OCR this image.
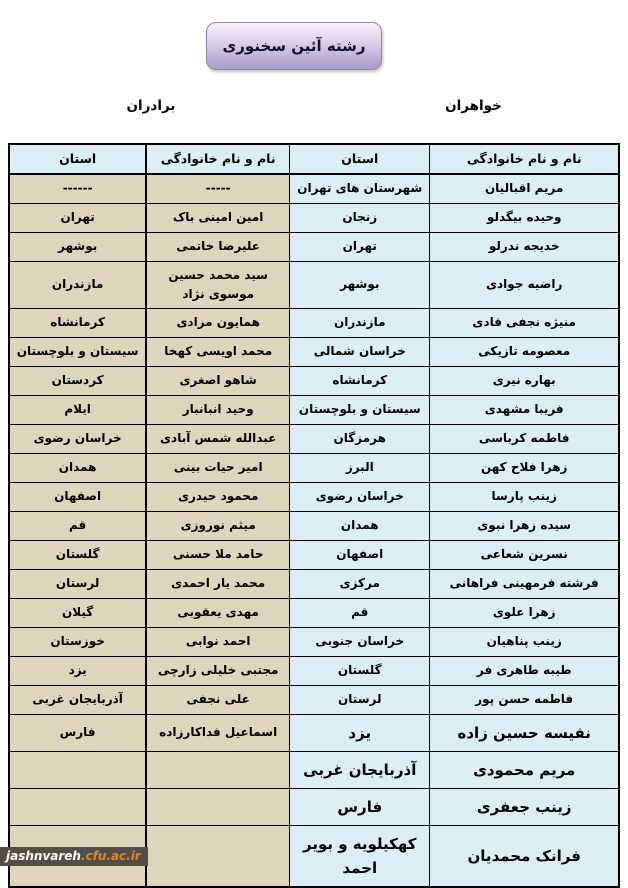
رشته آئین سخنوری
خواهران
برادران
نام و نام خانوادگی	استان	نام و نام خانوادگی	استان
مریم اقبالیان	شهرستان های تهران	-----	------
وحیده بیگدلو	زنجان	امین امینی باک	تهران
خدیجه ندرلو	تهران	علیرضا خاتمی	بوشهر
راضیه جوادی	بوشهر	سید محمد حسین موسوی نژاد	مازندران
منیژه نجفی قادی	مازندران	همایون مرادی	کرمانشاه
معصومه تازیکی	خراسان شمالی	محمد اویسی کهخا	سیستان و بلوچستان
بهاره نیری	کرمانشاه	شاهو اصغری	کردستان
فریبا مشهدی	سیستان و بلوچستان	وحید انبانبار	ایلام
فاطمه کرباسی	هرمزگان	عبدالله شمس آبادی	خراسان رضوی
زهرا فلاح کهن	البرز	امیر حیات بینی	همدان
زینب پارسا	خراسان رضوی	محمود حیدری	اصفهان
سیده زهرا نبوی	همدان	میثم نوروزی	قم
نسرین شعاعی	اصفهان	حامد ملا حسنی	گلستان
فرشته فرمهینی فراهانی	مرکزی	محمد یار احمدی	لرستان
زهرا علوی	قم	مهدی یعقوبی	گیلان
زینب پناهیان	خراسان جنوبی	احمد نوابی	خوزستان
طیبه طاهری فر	گلستان	مجتبی خلیلی زارچی	یزد
فاطمه حسن پور	لرستان	علی نجفی	آذربایجان غربی
نفیسه حسین زاده	یزد	اسماعیل فداکارزاده	فارس
مریم محمودی	آذربایجان غربی		
زینب جعفری	فارس		
فرانک محمدیان	کهکیلویه و بویر احمد		
jashnvareh.cfu.ac.ir
